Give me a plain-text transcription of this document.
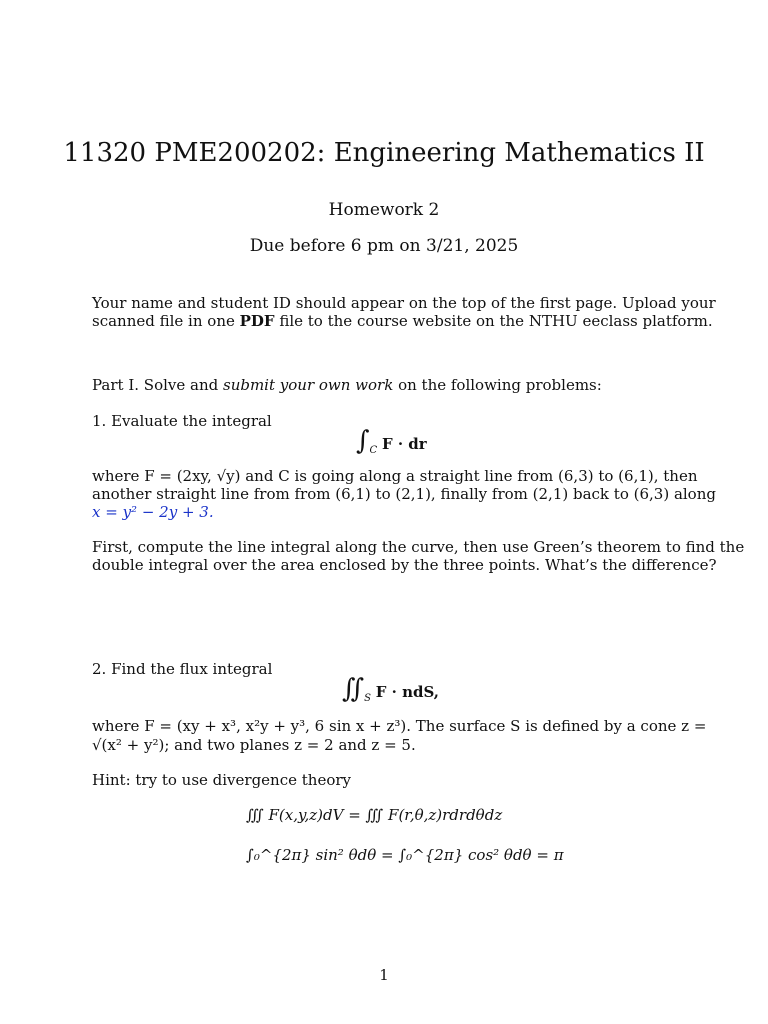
11320 PME200202: Engineering Mathematics II
Homework 2
Due before 6 pm on 3/21, 2025
Your name and student ID should appear on the top of the first page. Upload your
scanned file in one PDF file to the course website on the NTHU eeclass platform.
Part I. Solve and submit your own work on the following problems:
1. Evaluate the integral
$\int_C$ F · dr
where F = (2xy, √y) and C is going along a straight line from (6,3) to (6,1), then
another straight line from from (6,1) to (2,1), finally from (2,1) back to (6,3) along
x = y² − 2y + 3.
First, compute the line integral along the curve, then use Green’s theorem to find the
double integral over the area enclosed by the three points. What’s the difference?
2. Find the flux integral
$∬_S$ F · ndS,
where F = (xy + x³, x²y + y³, 6 sin x + z³). The surface S is defined by a cone z =
√(x² + y²); and two planes z = 2 and z = 5.
Hint: try to use divergence theory
∭ F(x,y,z)dV = ∭ F(r,θ,z)rdrdθdz
∫₀^{2π} sin² θdθ = ∫₀^{2π} cos² θdθ = π
1
